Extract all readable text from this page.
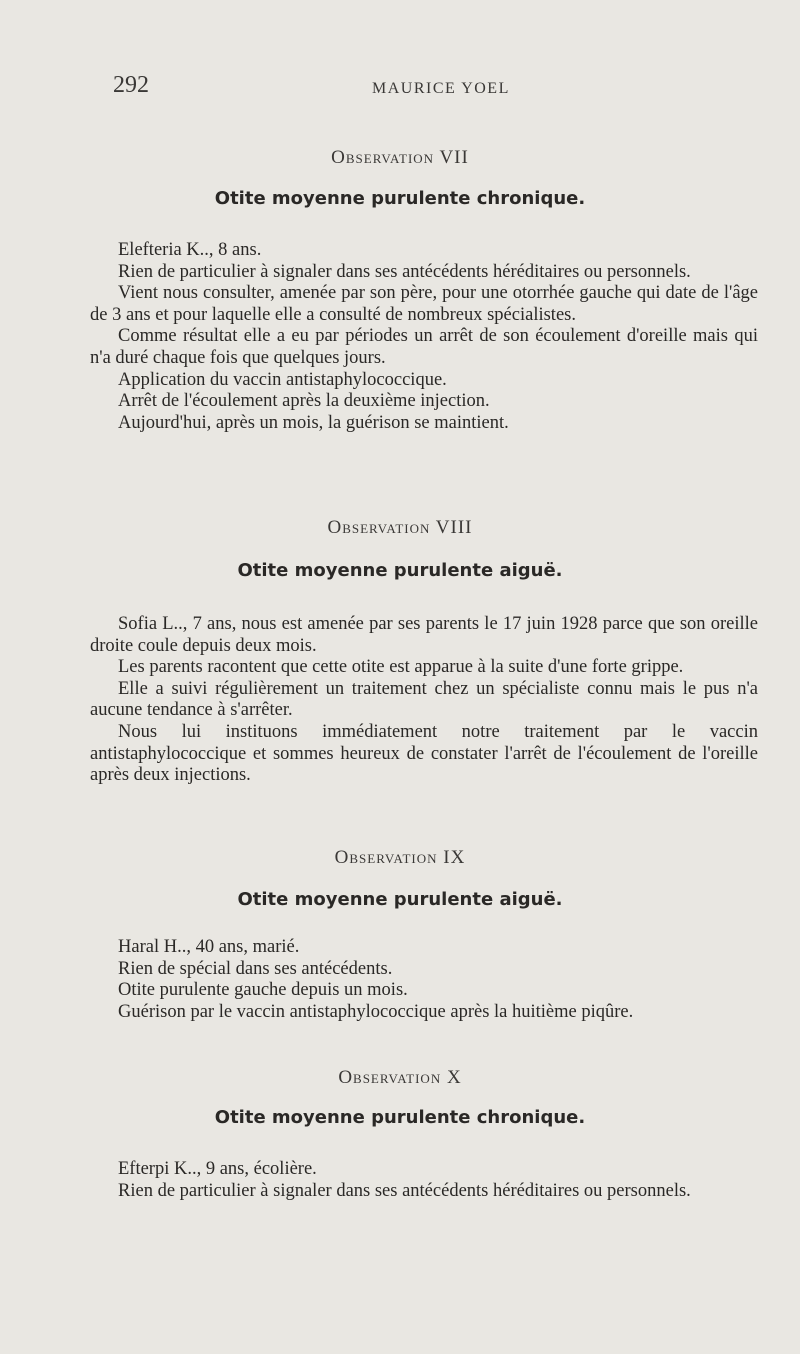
292	MAURICE YOEL
Observation VII
Otite moyenne purulente chronique.

Elefteria K.., 8 ans.

Rien de particulier à signaler dans ses antécédents héréditaires ou personnels.

Vient nous consulter, amenée par son père, pour une otorrhée gauche qui date de l'âge de 3 ans et pour laquelle elle a consulté de nombreux spécialistes.

Comme résultat elle a eu par périodes un arrêt de son écoulement d'oreille mais qui n'a duré chaque fois que quelques jours.

Application du vaccin antistaphylococcique.

Arrêt de l'écoulement après la deuxième injection.

Aujourd'hui, après un mois, la guérison se maintient.

Observation VIII
Otite moyenne purulente aiguë.

Sofia L.., 7 ans, nous est amenée par ses parents le 17 juin 1928 parce que son oreille droite coule depuis deux mois.

Les parents racontent que cette otite est apparue à la suite d'une forte grippe.

Elle a suivi régulièrement un traitement chez un spécialiste connu mais le pus n'a aucune tendance à s'arrêter.

Nous lui instituons immédiatement notre traitement par le vaccin antistaphylococcique et sommes heureux de constater l'arrêt de l'écoulement de l'oreille après deux injections.

Observation IX
Otite moyenne purulente aiguë.

Haral H.., 40 ans, marié.

Rien de spécial dans ses antécédents.

Otite purulente gauche depuis un mois.

Guérison par le vaccin antistaphylococcique après la huitième piqûre.

Observation X
Otite moyenne purulente chronique.

Efterpi K.., 9 ans, écolière.

Rien de particulier à signaler dans ses antécédents héréditaires ou personnels.
